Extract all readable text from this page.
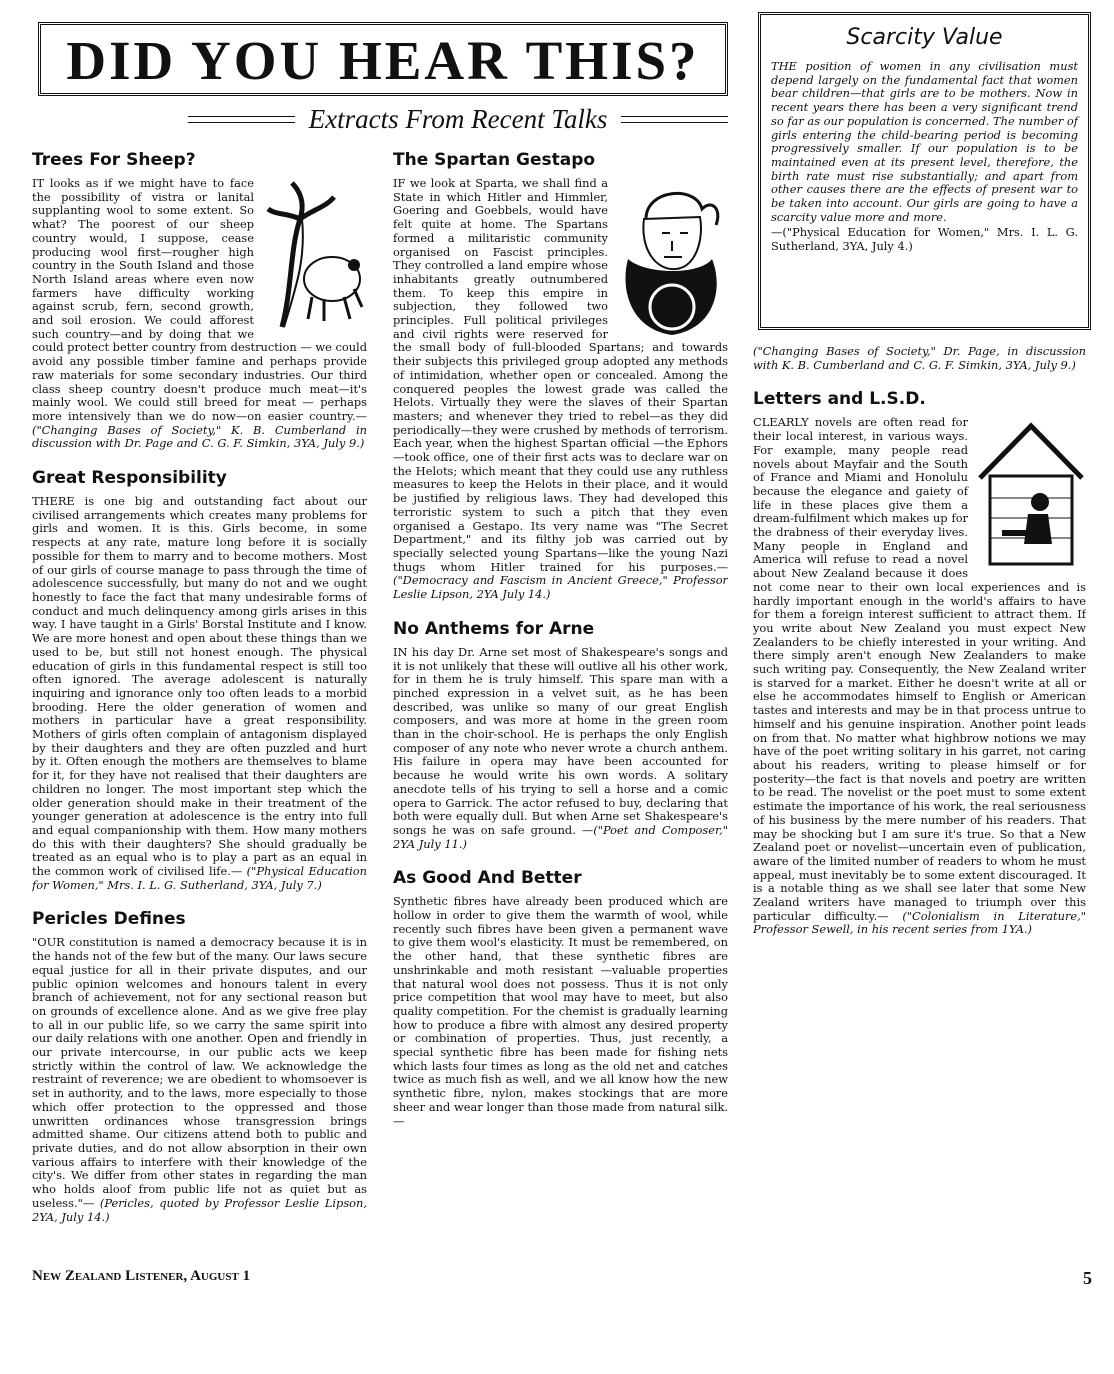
DID YOU HEAR THIS?
Extracts From Recent Talks
Scarcity Value

THE position of women in any civilisation must depend largely on the fundamental fact that women bear children—that girls are to be mothers. Now in recent years there has been a very significant trend so far as our population is concerned. The number of girls entering the child-bearing period is becoming progressively smaller. If our population is to be maintained even at its present level, therefore, the birth rate must rise substantially; and apart from other causes there are the effects of present war to be taken into account. Our girls are going to have a scarcity value more and more.

—("Physical Education for Women," Mrs. I. L. G. Sutherland, 3YA, July 4.)

Trees For Sheep?

IT looks as if we might have to face the possibility of vistra or lanital supplanting wool to some extent. So what? The poorest of our sheep country would, I suppose, cease producing wool first—rougher high country in the South Island and those North Island areas where even now farmers have difficulty working against scrub, fern, second growth, and soil erosion. We could afforest such country—and by doing that we could protect better country from destruction — we could avoid any possible timber famine and perhaps provide raw materials for some secondary industries. Our third class sheep country doesn't produce much meat—it's mainly wool. We could still breed for meat — perhaps more intensively than we do now—on easier country.— ("Changing Bases of Society," K. B. Cumberland in discussion with Dr. Page and C. G. F. Simkin, 3YA, July 9.)

Great Responsibility

THERE is one big and outstanding fact about our civilised arrangements which creates many problems for girls and women. It is this. Girls become, in some respects at any rate, mature long before it is socially possible for them to marry and to become mothers. Most of our girls of course manage to pass through the time of adolescence successfully, but many do not and we ought honestly to face the fact that many undesirable forms of conduct and much delinquency among girls arises in this way. I have taught in a Girls' Borstal Institute and I know. We are more honest and open about these things than we used to be, but still not honest enough. The physical education of girls in this fundamental respect is still too often ignored. The average adolescent is naturally inquiring and ignorance only too often leads to a morbid brooding. Here the older generation of women and mothers in particular have a great responsibility. Mothers of girls often complain of antagonism displayed by their daughters and they are often puzzled and hurt by it. Often enough the mothers are themselves to blame for it, for they have not realised that their daughters are children no longer. The most important step which the older generation should make in their treatment of the younger generation at adolescence is the entry into full and equal companionship with them. How many mothers do this with their daughters? She should gradually be treated as an equal who is to play a part as an equal in the common work of civilised life.— ("Physical Education for Women," Mrs. I. L. G. Sutherland, 3YA, July 7.)

Pericles Defines

"OUR constitution is named a democracy because it is in the hands not of the few but of the many. Our laws secure equal justice for all in their private disputes, and our public opinion welcomes and honours talent in every branch of achievement, not for any sectional reason but on grounds of excellence alone. And as we give free play to all in our public life, so we carry the same spirit into our daily relations with one another. Open and friendly in our private intercourse, in our public acts we keep strictly within the control of law. We acknowledge the restraint of reverence; we are obedient to whomsoever is set in authority, and to the laws, more especially to those which offer protection to the oppressed and those unwritten ordinances whose transgression brings admitted shame. Our citizens attend both to public and private duties, and do not allow absorption in their own various affairs to interfere with their knowledge of the city's. We differ from other states in regarding the man who holds aloof from public life not as quiet but as useless."— (Pericles, quoted by Professor Leslie Lipson, 2YA, July 14.)

The Spartan Gestapo

IF we look at Sparta, we shall find a State in which Hitler and Himmler, Goering and Goebbels, would have felt quite at home. The Spartans formed a militaristic community organised on Fascist principles. They controlled a land empire whose inhabitants greatly outnumbered them. To keep this empire in subjection, they followed two principles. Full political privileges and civil rights were reserved for the small body of full-blooded Spartans; and towards their subjects this privileged group adopted any methods of intimidation, whether open or concealed. Among the conquered peoples the lowest grade was called the Helots. Virtually they were the slaves of their Spartan masters; and whenever they tried to rebel—as they did periodically—they were crushed by methods of terrorism. Each year, when the highest Spartan official —the Ephors—took office, one of their first acts was to declare war on the Helots; which meant that they could use any ruthless measures to keep the Helots in their place, and it would be justified by religious laws. They had developed this terroristic system to such a pitch that they even organised a Gestapo. Its very name was "The Secret Department," and its filthy job was carried out by specially selected young Spartans—like the young Nazi thugs whom Hitler trained for his purposes.— ("Democracy and Fascism in Ancient Greece," Professor Leslie Lipson, 2YA July 14.)

No Anthems for Arne

IN his day Dr. Arne set most of Shakespeare's songs and it is not unlikely that these will outlive all his other work, for in them he is truly himself. This spare man with a pinched expression in a velvet suit, as he has been described, was unlike so many of our great English composers, and was more at home in the green room than in the choir-school. He is perhaps the only English composer of any note who never wrote a church anthem. His failure in opera may have been accounted for because he would write his own words. A solitary anecdote tells of his trying to sell a horse and a comic opera to Garrick. The actor refused to buy, declaring that both were equally dull. But when Arne set Shakespeare's songs he was on safe ground. —("Poet and Composer," 2YA July 11.)

As Good And Better

Synthetic fibres have already been produced which are hollow in order to give them the warmth of wool, while recently such fibres have been given a permanent wave to give them wool's elasticity. It must be remembered, on the other hand, that these synthetic fibres are unshrinkable and moth resistant —valuable properties that natural wool does not possess. Thus it is not only price competition that wool may have to meet, but also quality competition. For the chemist is gradually learning how to produce a fibre with almost any desired property or combination of properties. Thus, just recently, a special synthetic fibre has been made for fishing nets which lasts four times as long as the old net and catches twice as much fish as well, and we all know how the new synthetic fibre, nylon, makes stockings that are more sheer and wear longer than those made from natural silk.—

("Changing Bases of Society," Dr. Page, in discussion with K. B. Cumberland and C. G. F. Simkin, 3YA, July 9.)

Letters and L.S.D.

CLEARLY novels are often read for their local interest, in various ways. For example, many people read novels about Mayfair and the South of France and Miami and Honolulu because the elegance and gaiety of life in these places give them a dream-fulfilment which makes up for the drabness of their everyday lives. Many people in England and America will refuse to read a novel about New Zealand because it does not come near to their own local experiences and is hardly important enough in the world's affairs to have for them a foreign interest sufficient to attract them. If you write about New Zealand you must expect New Zealanders to be chiefly interested in your writing. And there simply aren't enough New Zealanders to make such writing pay. Consequently, the New Zealand writer is starved for a market. Either he doesn't write at all or else he accommodates himself to English or American tastes and interests and may be in that process untrue to himself and his genuine inspiration. Another point leads on from that. No matter what highbrow notions we may have of the poet writing solitary in his garret, not caring about his readers, writing to please himself or for posterity—the fact is that novels and poetry are written to be read. The novelist or the poet must to some extent estimate the importance of his work, the real seriousness of his business by the mere number of his readers. That may be shocking but I am sure it's true. So that a New Zealand poet or novelist—uncertain even of publication, aware of the limited number of readers to whom he must appeal, must inevitably be to some extent discouraged. It is a notable thing as we shall see later that some New Zealand writers have managed to triumph over this particular difficulty.— ("Colonialism in Literature," Professor Sewell, in his recent series from 1YA.)

New Zealand Listener, August 1	5
